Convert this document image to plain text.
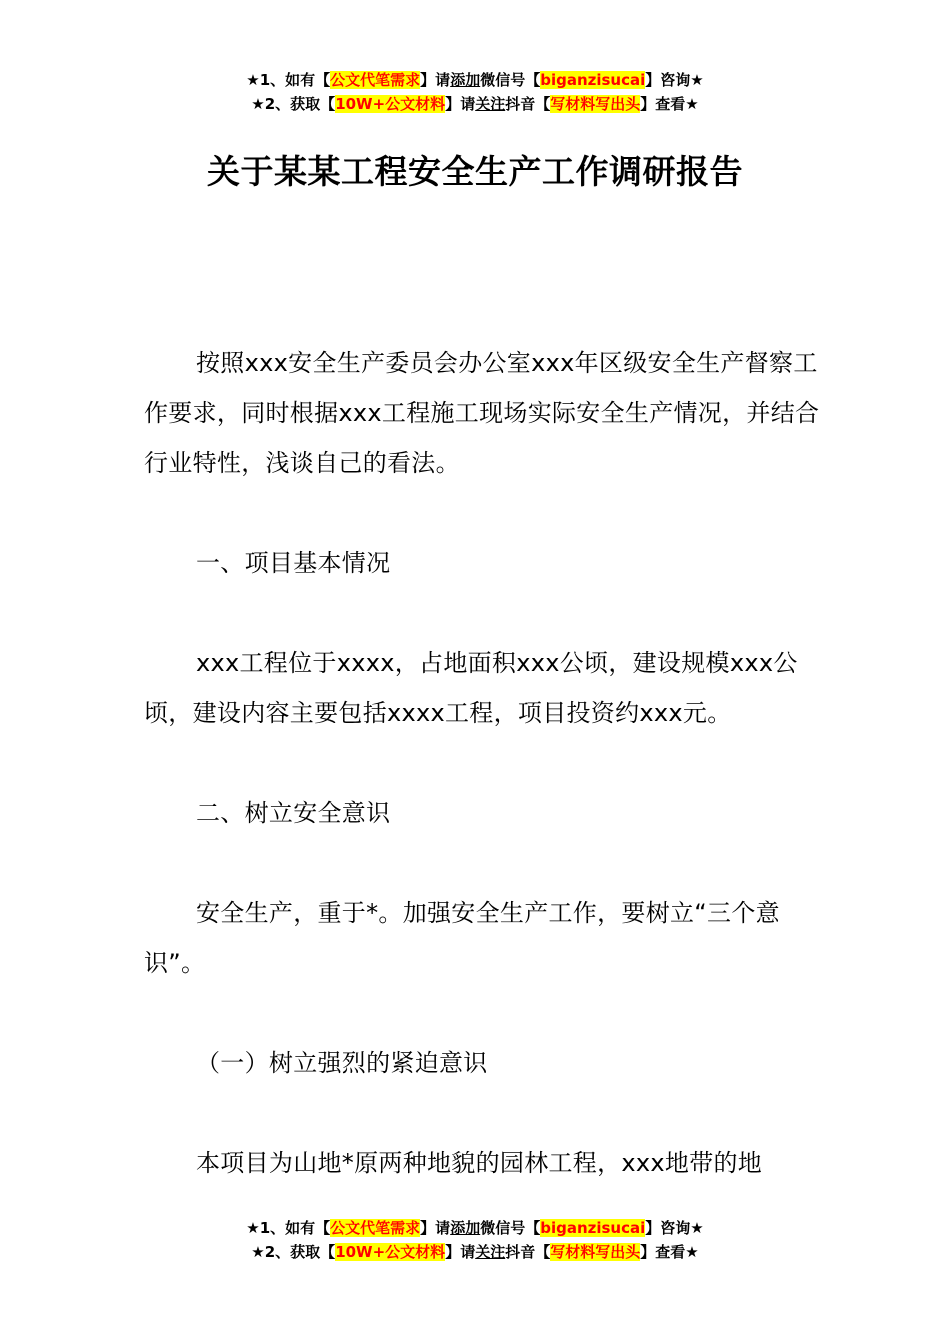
★1、如有【公文代笔需求】请添加微信号【biganzisucai】咨询★
★2、获取【10W+公文材料】请关注抖音【写材料写出头】查看★
关于某某工程安全生产工作调研报告

按照xxx安全生产委员会办公室xxx年区级安全生产督察工作要求，同时根据xxx工程施工现场实际安全生产情况，并结合行业特性，浅谈自己的看法。

一、项目基本情况

xxx工程位于xxxx，占地面积xxx公顷，建设规模xxx公顷，建设内容主要包括xxxx工程，项目投资约xxx元。

二、树立安全意识

安全生产，重于*。加强安全生产工作，要树立“三个意识”。

（一）树立强烈的紧迫意识

本项目为山地*原两种地貌的园林工程，xxx地带的地

★1、如有【公文代笔需求】请添加微信号【biganzisucai】咨询★
★2、获取【10W+公文材料】请关注抖音【写材料写出头】查看★
